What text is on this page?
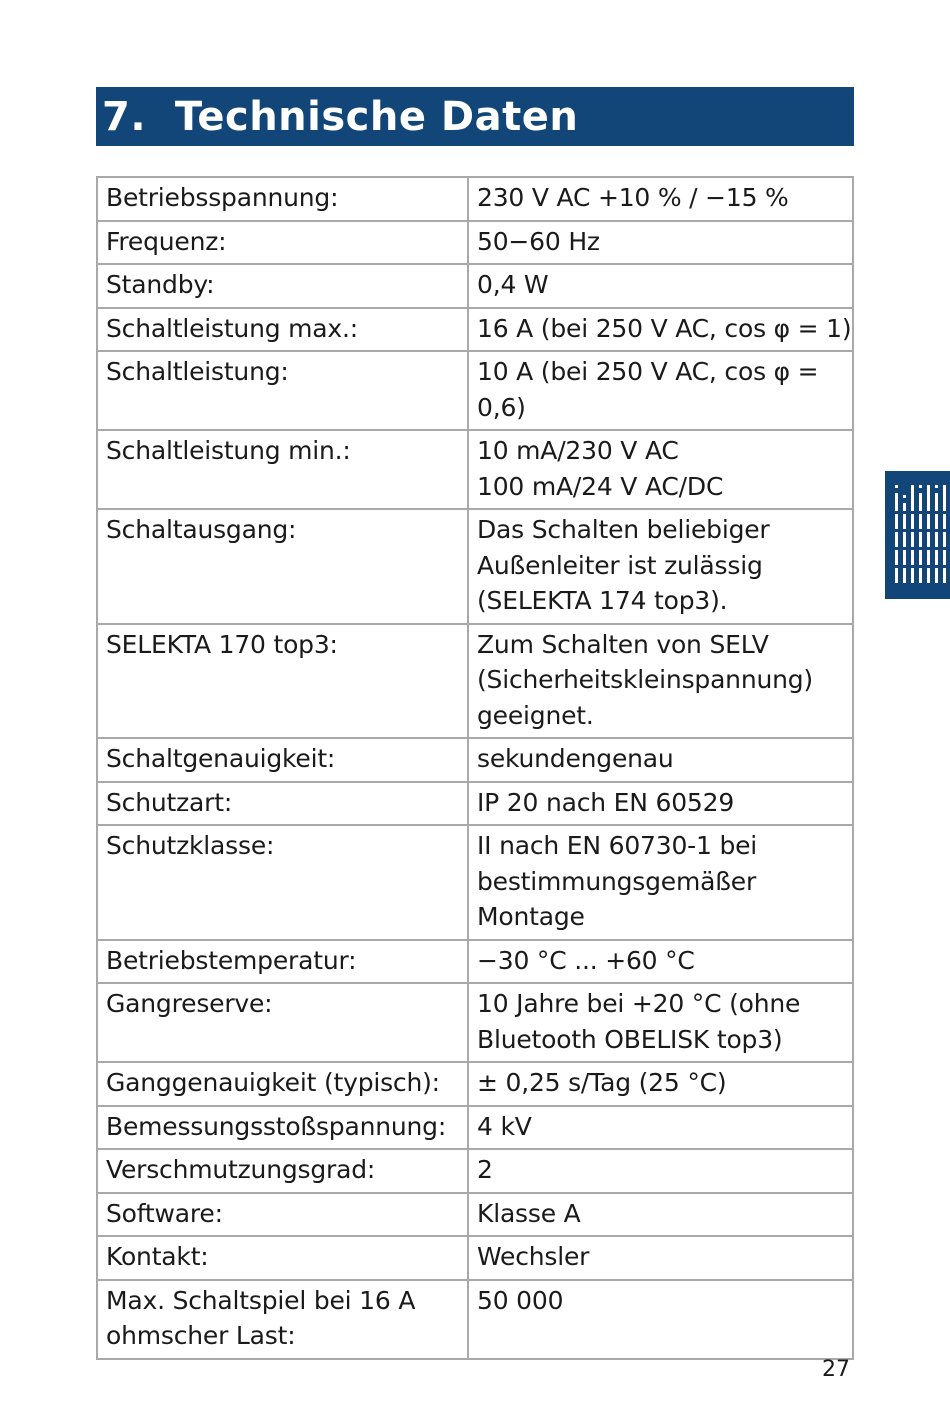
7.  Technische Daten
Betriebsspannung:	230 V AC +10 % / −15 %
Frequenz:	50−60 Hz
Standby:	0,4 W
Schaltleistung max.:	16 A (bei 250 V AC, cos φ = 1)
Schaltleistung:	10 A (bei 250 V AC, cos φ =
0,6)
Schaltleistung min.:	10 mA/230 V AC
100 mA/24 V AC/DC
Schaltausgang:	Das Schalten beliebiger
Außenleiter ist zulässig
(SELEKTA 174 top3).
SELEKTA 170 top3:	Zum Schalten von SELV
(Sicherheitskleinspannung)
geeignet.
Schaltgenauigkeit:	sekundengenau
Schutzart:	IP 20 nach EN 60529
Schutzklasse:	II nach EN 60730-1 bei
bestimmungsgemäßer
Montage
Betriebstemperatur:	−30 °C ... +60 °C
Gangreserve:	10 Jahre bei +20 °C (ohne
Bluetooth OBELISK top3)
Ganggenauigkeit (typisch):	± 0,25 s/Tag (25 °C)
Bemessungsstoßspannung:	4 kV
Verschmutzungsgrad:	2
Software:	Klasse A
Kontakt:	Wechsler
Max. Schaltspiel bei 16 A
ohmscher Last:	50 000
27
